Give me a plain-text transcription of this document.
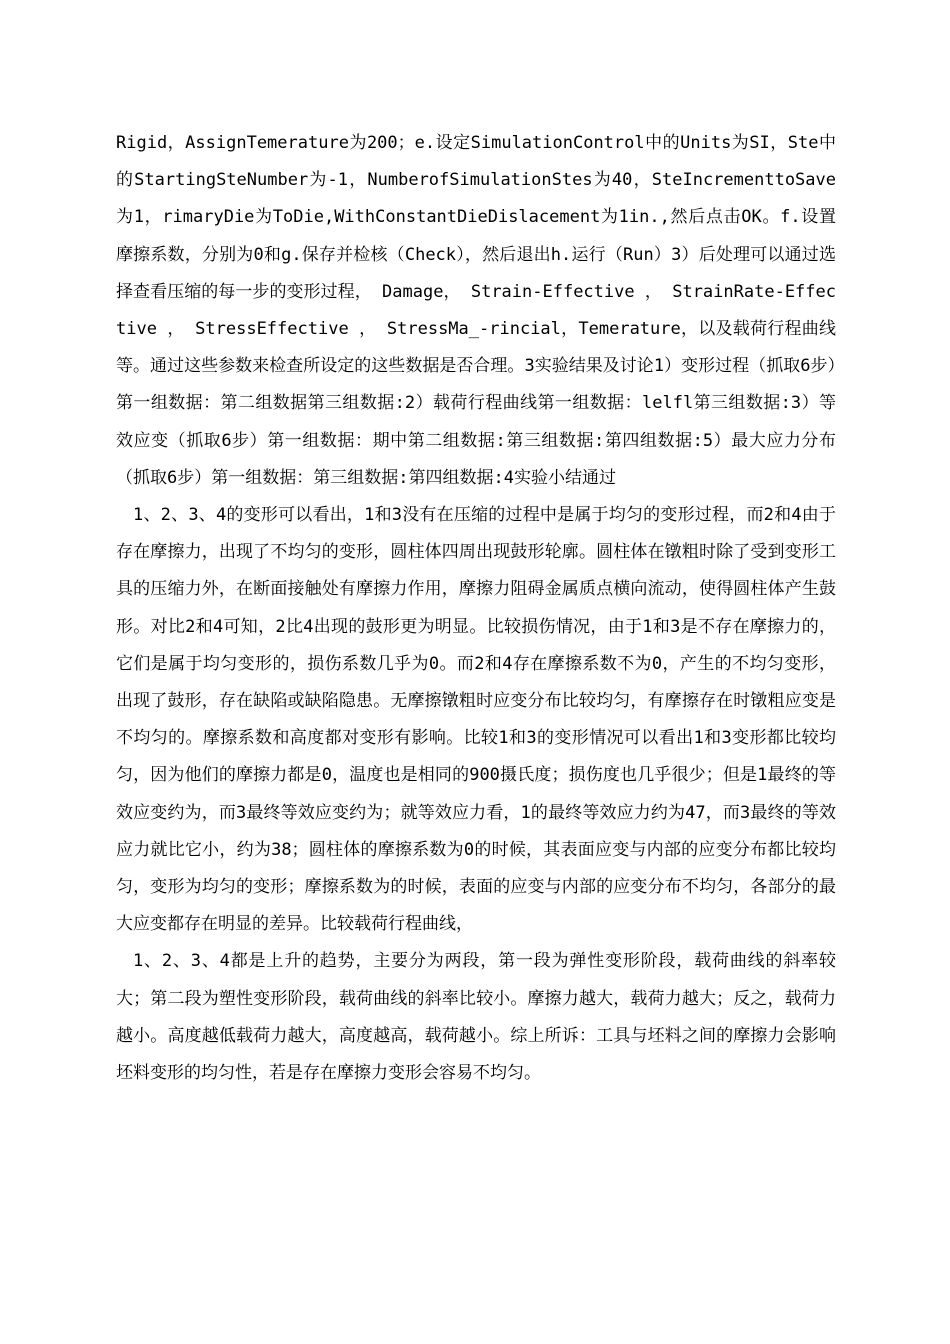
Rigid，AssignTemerature为200；e.设定SimulationControl中的Units为SI，Ste中的StartingSteNumber为-1，NumberofSimulationStes为40，SteIncrementtoSave为1，rimaryDie为ToDie,WithConstantDieDislacement为1in.,然后点击OK。f.设置摩擦系数，分别为0和g.保存并检核（Check），然后退出h.运行（Run）3）后处理可以通过选择查看压缩的每一步的变形过程， Damage， Strain-Effective ， StrainRate-Effective ， StressEffective ， StressMa_-rincial，Temerature，以及载荷行程曲线等。通过这些参数来检查所设定的这些数据是否合理。3实验结果及讨论1）变形过程（抓取6步）第一组数据：第二组数据第三组数据:2）载荷行程曲线第一组数据：lelfl第三组数据:3）等效应变（抓取6步）第一组数据：期中第二组数据:第三组数据:第四组数据:5）最大应力分布（抓取6步）第一组数据：第三组数据:第四组数据:4实验小结通过

1、2、3、4的变形可以看出，1和3没有在压缩的过程中是属于均匀的变形过程，而2和4由于存在摩擦力，出现了不均匀的变形，圆柱体四周出现鼓形轮廓。圆柱体在镦粗时除了受到变形工具的压缩力外，在断面接触处有摩擦力作用，摩擦力阻碍金属质点横向流动，使得圆柱体产生鼓形。对比2和4可知，2比4出现的鼓形更为明显。比较损伤情况，由于1和3是不存在摩擦力的，它们是属于均匀变形的，损伤系数几乎为0。而2和4存在摩擦系数不为0，产生的不均匀变形，出现了鼓形，存在缺陷或缺陷隐患。无摩擦镦粗时应变分布比较均匀，有摩擦存在时镦粗应变是不均匀的。摩擦系数和高度都对变形有影响。比较1和3的变形情况可以看出1和3变形都比较均匀，因为他们的摩擦力都是0，温度也是相同的900摄氏度；损伤度也几乎很少；但是1最终的等效应变约为，而3最终等效应变约为；就等效应力看，1的最终等效应力约为47，而3最终的等效应力就比它小，约为38；圆柱体的摩擦系数为0的时候，其表面应变与内部的应变分布都比较均匀，变形为均匀的变形；摩擦系数为的时候，表面的应变与内部的应变分布不均匀，各部分的最大应变都存在明显的差异。比较载荷行程曲线，

1、2、3、4都是上升的趋势，主要分为两段，第一段为弹性变形阶段，载荷曲线的斜率较大；第二段为塑性变形阶段，载荷曲线的斜率比较小。摩擦力越大，载荷力越大；反之，载荷力越小。高度越低载荷力越大，高度越高，载荷越小。综上所诉：工具与坯料之间的摩擦力会影响坯料变形的均匀性，若是存在摩擦力变形会容易不均匀。
